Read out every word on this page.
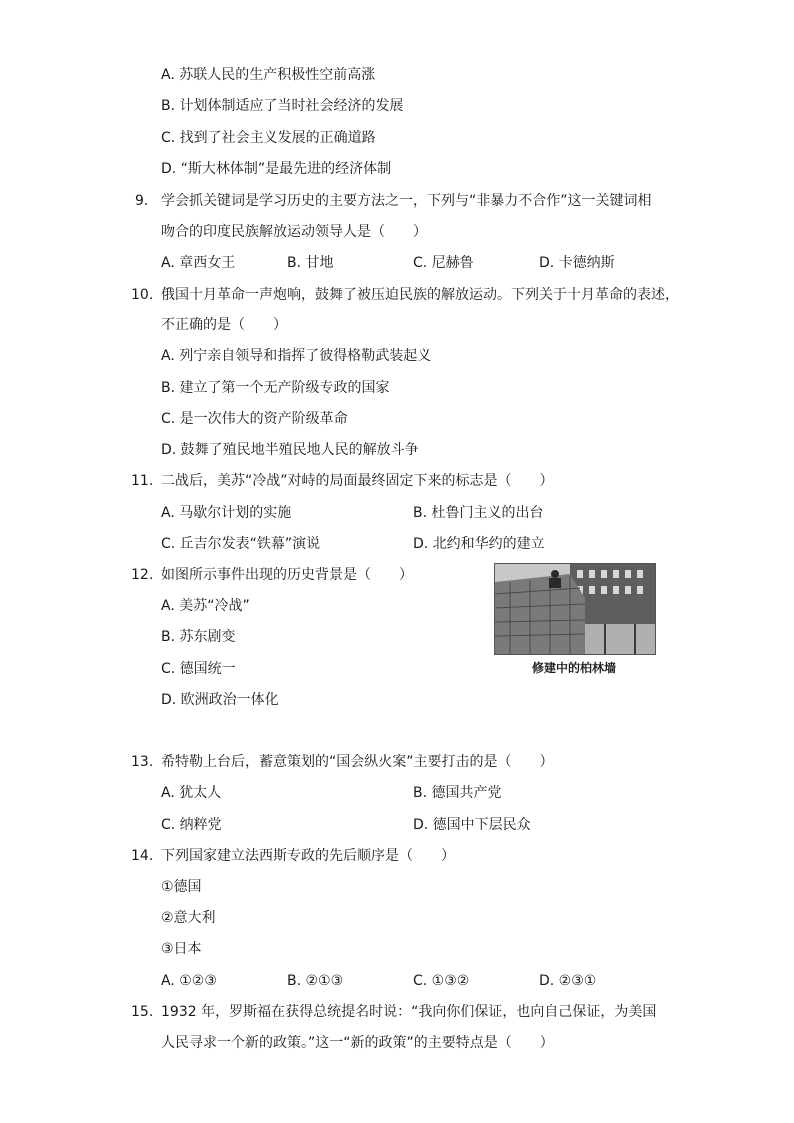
A. 苏联人民的生产积极性空前高涨
B. 计划体制适应了当时社会经济的发展
C. 找到了社会主义发展的正确道路
D. “斯大林体制”是最先进的经济体制
9. 学会抓关键词是学习历史的主要方法之一，下列与“非暴力不合作”这一关键词相
吻合的印度民族解放运动领导人是（　　）
A. 章西女王	B. 甘地	C. 尼赫鲁	D. 卡德纳斯
10. 俄国十月革命一声炮响，鼓舞了被压迫民族的解放运动。下列关于十月革命的表述，
不正确的是（　　）
A. 列宁亲自领导和指挥了彼得格勒武装起义
B. 建立了第一个无产阶级专政的国家
C. 是一次伟大的资产阶级革命
D. 鼓舞了殖民地半殖民地人民的解放斗争
11. 二战后，美苏“冷战”对峙的局面最终固定下来的标志是（　　）
A. 马歇尔计划的实施	B. 杜鲁门主义的出台
C. 丘吉尔发表“铁幕”演说	D. 北约和华约的建立
12. 如图所示事件出现的历史背景是（　　）
A. 美苏“冷战”
B. 苏东剧变
C. 德国统一
D. 欧洲政治一体化
修建中的柏林墙
13. 希特勒上台后，蓄意策划的“国会纵火案”主要打击的是（　　）
A. 犹太人	B. 德国共产党
C. 纳粹党	D. 德国中下层民众
14. 下列国家建立法西斯专政的先后顺序是（　　）
①德国
②意大利
③日本
A. ①②③	B. ②①③	C. ①③②	D. ②③①
15. 1932 年，罗斯福在获得总统提名时说：“我向你们保证，也向自己保证，为美国
人民寻求一个新的政策。”这一“新的政策”的主要特点是（　　）
